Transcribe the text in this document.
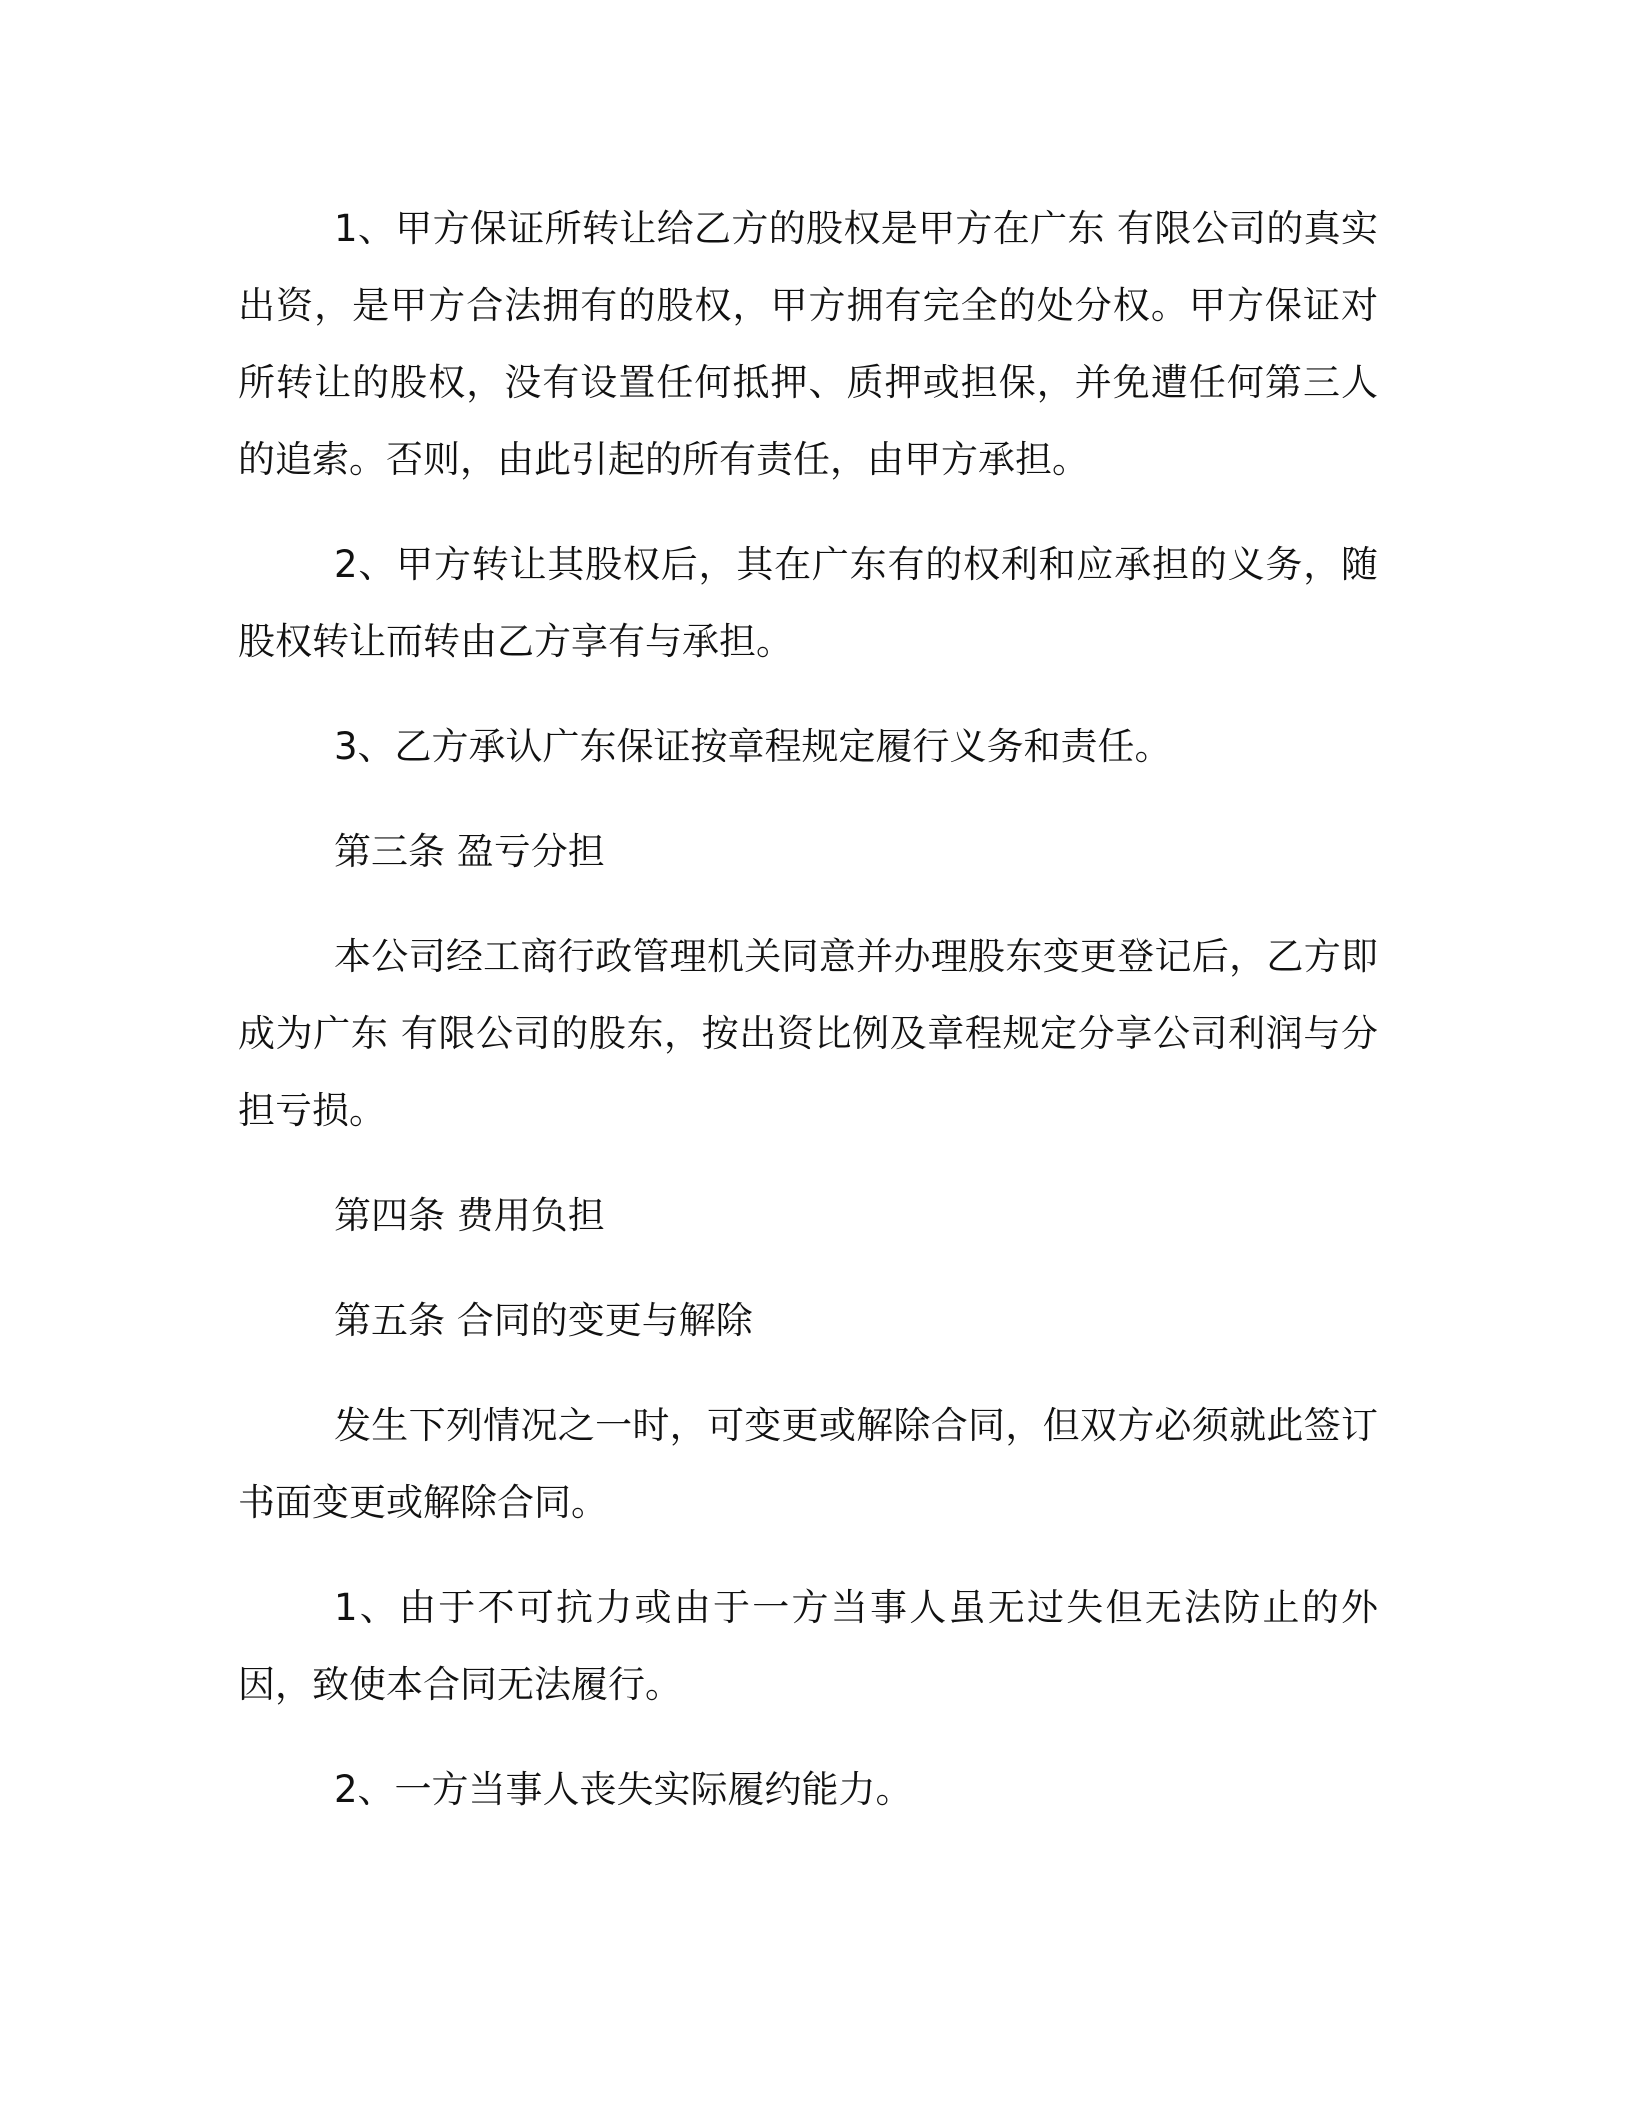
1、甲方保证所转让给乙方的股权是甲方在广东 有限公司的真实出资，是甲方合法拥有的股权，甲方拥有完全的处分权。甲方保证对所转让的股权，没有设置任何抵押、质押或担保，并免遭任何第三人的追索。否则，由此引起的所有责任，由甲方承担。

2、甲方转让其股权后，其在广东有的权利和应承担的义务，随股权转让而转由乙方享有与承担。

3、乙方承认广东保证按章程规定履行义务和责任。

第三条 盈亏分担

本公司经工商行政管理机关同意并办理股东变更登记后，乙方即成为广东 有限公司的股东，按出资比例及章程规定分享公司利润与分担亏损。

第四条 费用负担

第五条 合同的变更与解除

发生下列情况之一时，可变更或解除合同，但双方必须就此签订书面变更或解除合同。

1、由于不可抗力或由于一方当事人虽无过失但无法防止的外因，致使本合同无法履行。

2、一方当事人丧失实际履约能力。
